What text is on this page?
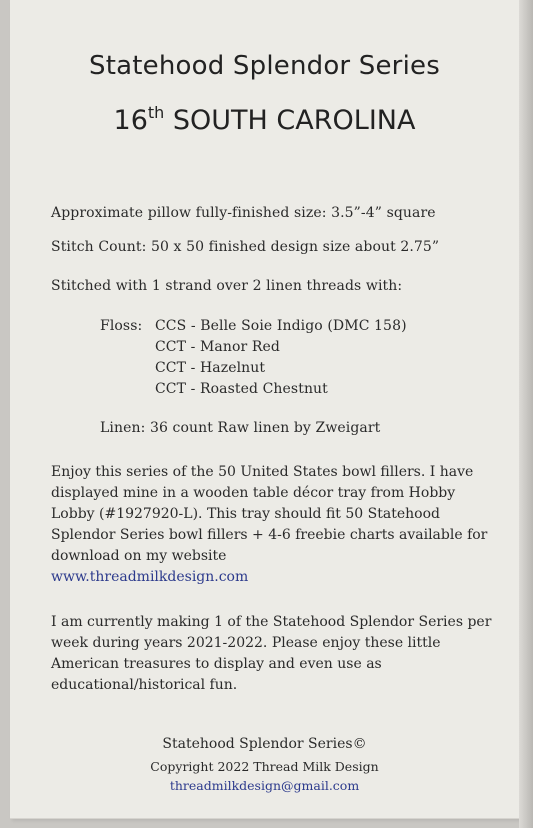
Statehood Splendor Series
16th SOUTH CAROLINA
Approximate pillow fully-finished size: 3.5”-4” square
Stitch Count: 50 x 50 finished design size about 2.75”
Stitched with 1 strand over 2 linen threads with:
Floss: CCS - Belle Soie Indigo (DMC 158)
CCT - Manor Red
CCT - Hazelnut
CCT - Roasted Chestnut
Linen: 36 count Raw linen by Zweigart

Enjoy this series of the 50 United States bowl fillers. I have displayed mine in a wooden table décor tray from Hobby Lobby (#1927920-L). This tray should fit 50 Statehood Splendor Series bowl fillers + 4-6 freebie charts available for download on my website
www.threadmilkdesign.com

I am currently making 1 of the Statehood Splendor Series per week during years 2021-2022. Please enjoy these little American treasures to display and even use as educational/historical fun.

Statehood Splendor Series©
Copyright 2022 Thread Milk Design
threadmilkdesign@gmail.com
